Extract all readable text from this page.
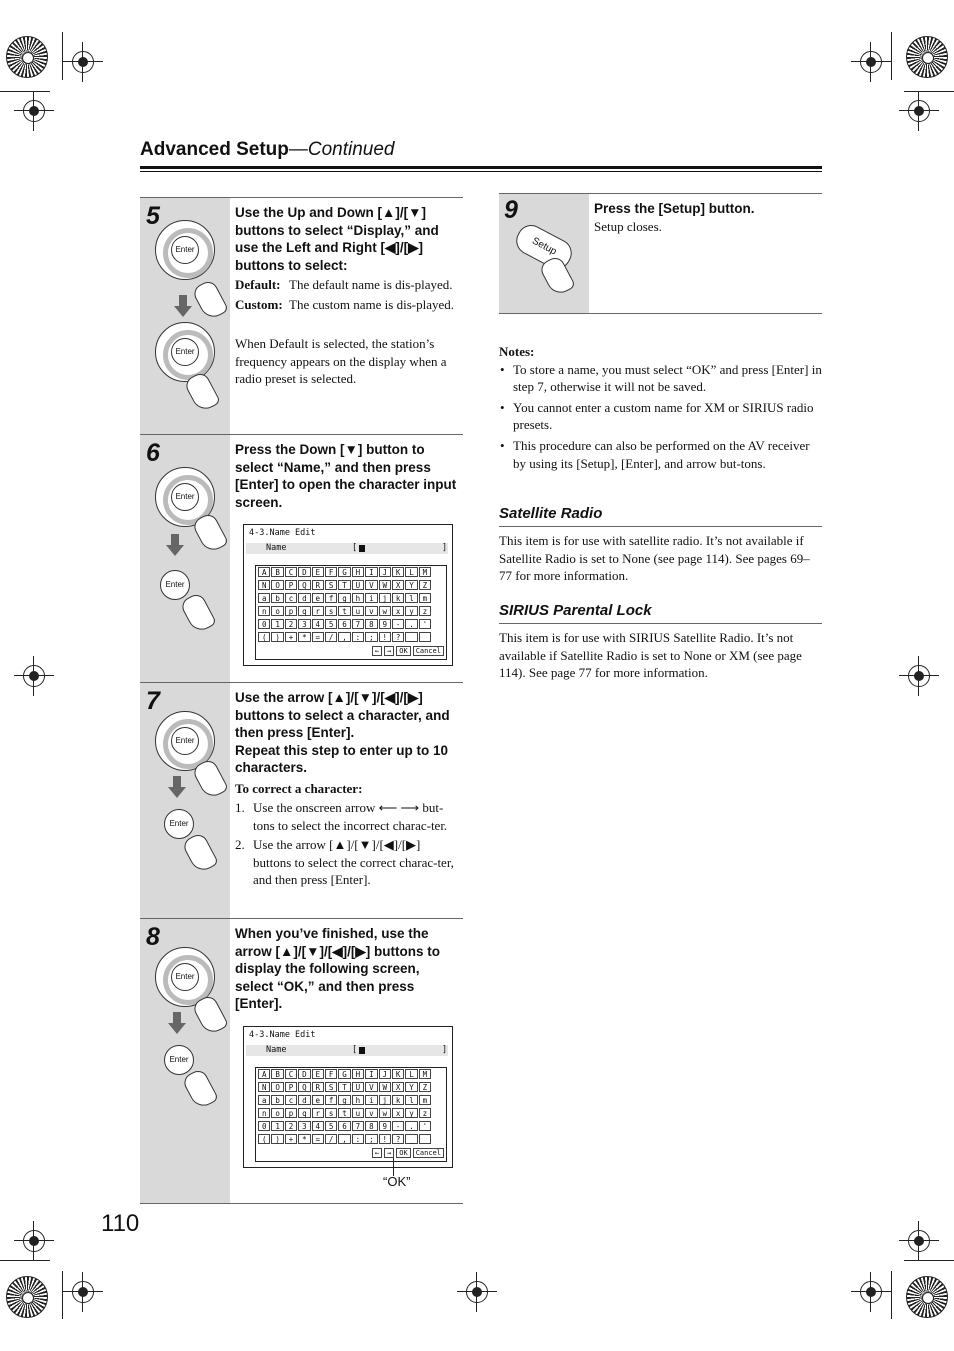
Advanced Setup—Continued
5
Enter
Enter
Use the Up and Down [▲]/[▼] buttons to select “Display,” and use the Left and Right [◀]/[▶] buttons to select:
Default: The default name is dis-played.
Custom: The custom name is dis-played.

When Default is selected, the station’s frequency appears on the display when a radio preset is selected.

6
Enter
Enter
Press the Down [▼] button to select “Name,” and then press [Enter] to open the character input screen.
4-3.Name Edit
Name	[	]
A	B	C	D	E	F	G	H	I	J	K	L	M
N	O	P	Q	R	S	T	U	V	W	X	Y	Z
a	b	c	d	e	f	g	h	i	j	k	l	m
n	o	p	q	r	s	t	u	v	w	x	y	z
0	1	2	3	4	5	6	7	8	9	-	.	'
(	)	+	*	=	/	,	:	;	!	?	_
←	→	OK	Cancel
7
Enter
Enter
Use the arrow [▲]/[▼]/[◀]/[▶] buttons to select a character, and then press [Enter].
Repeat this step to enter up to 10 characters.
To correct a character:
1. Use the onscreen arrow ⟵ ⟶ but-tons to select the incorrect charac-ter.
2. Use the arrow [▲]/[▼]/[◀]/[▶] buttons to select the correct charac-ter, and then press [Enter].
8
Enter
Enter
When you’ve finished, use the arrow [▲]/[▼]/[◀]/[▶] buttons to display the following screen, select “OK,” and then press [Enter].
4-3.Name Edit
Name	[	]
A	B	C	D	E	F	G	H	I	J	K	L	M
N	O	P	Q	R	S	T	U	V	W	X	Y	Z
a	b	c	d	e	f	g	h	i	j	k	l	m
n	o	p	q	r	s	t	u	v	w	x	y	z
0	1	2	3	4	5	6	7	8	9	-	.	'
(	)	+	*	=	/	,	:	;	!	?	_
←	→	OK	Cancel
“OK”
9
Setup
Press the [Setup] button.
Setup closes.
Notes:
• To store a name, you must select “OK” and press [Enter] in step 7, otherwise it will not be saved.
• You cannot enter a custom name for XM or SIRIUS radio presets.
• This procedure can also be performed on the AV receiver by using its [Setup], [Enter], and arrow but-tons.
Satellite Radio

This item is for use with satellite radio. It’s not available if Satellite Radio is set to None (see page 114). See pages 69–77 for more information.

SIRIUS Parental Lock

This item is for use with SIRIUS Satellite Radio. It’s not available if Satellite Radio is set to None or XM (see page 114). See page 77 for more information.

110
